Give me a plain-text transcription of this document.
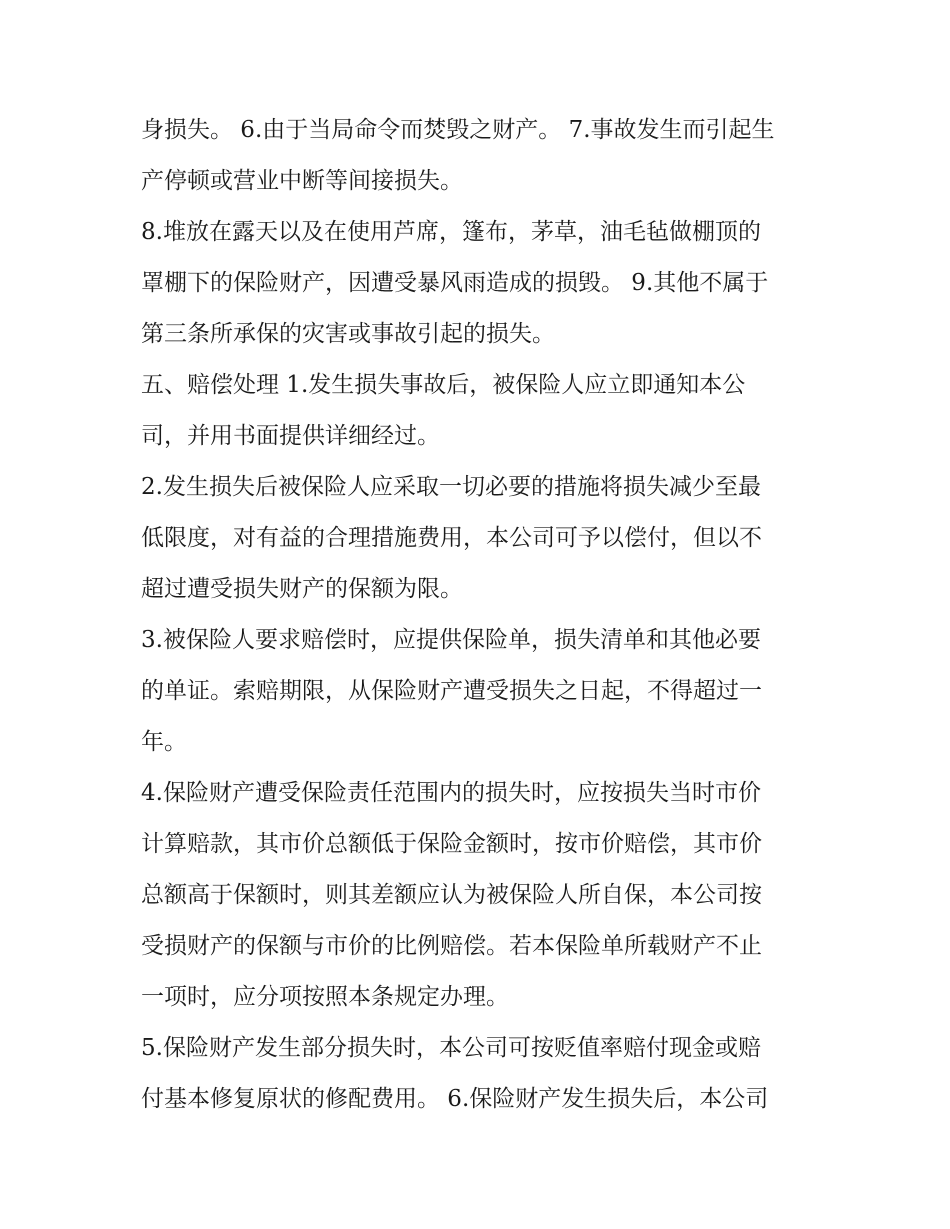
身损失。 6.由于当局命令而焚毁之财产。 7.事故发生而引起生
产停顿或营业中断等间接损失。
8.堆放在露天以及在使用芦席，篷布，茅草，油毛毡做棚顶的
罩棚下的保险财产，因遭受暴风雨造成的损毁。 9.其他不属于
第三条所承保的灾害或事故引起的损失。
五、赔偿处理 1.发生损失事故后，被保险人应立即通知本公
司，并用书面提供详细经过。
2.发生损失后被保险人应采取一切必要的措施将损失减少至最
低限度，对有益的合理措施费用，本公司可予以偿付，但以不
超过遭受损失财产的保额为限。
3.被保险人要求赔偿时，应提供保险单，损失清单和其他必要
的单证。索赔期限，从保险财产遭受损失之日起，不得超过一
年。
4.保险财产遭受保险责任范围内的损失时，应按损失当时市价
计算赔款，其市价总额低于保险金额时，按市价赔偿，其市价
总额高于保额时，则其差额应认为被保险人所自保，本公司按
受损财产的保额与市价的比例赔偿。若本保险单所载财产不止
一项时，应分项按照本条规定办理。
5.保险财产发生部分损失时，本公司可按贬值率赔付现金或赔
付基本修复原状的修配费用。 6.保险财产发生损失后，本公司
